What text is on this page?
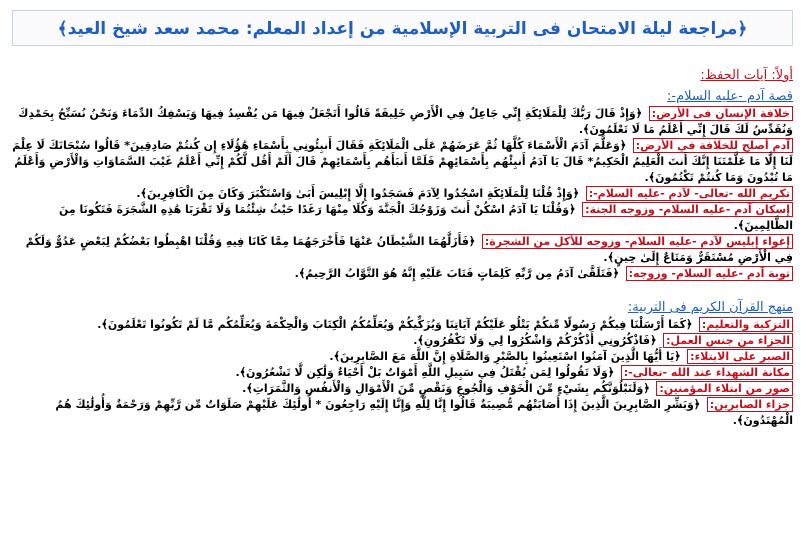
﴿مراجعة ليلة الامتحان فى التربية الإسلامية من إعداد المعلم: محمد سعد شيخ العيد﴾
أولاً: آيات الحفظ:
قصة آدم -عليه السلام-:

خلافة الإنسان فى الأرض: ﴿وَإِذْ قَالَ رَبُّكَ لِلْمَلَائِكَةِ إِنِّي جَاعِلٌ فِي الْأَرْضِ خَلِيفَةً قَالُوا أَتَجْعَلُ فِيهَا مَن يُفْسِدُ فِيهَا وَيَسْفِكُ الدِّمَاءَ وَنَحْنُ نُسَبِّحُ بِحَمْدِكَ وَنُقَدِّسُ لَكَ قَالَ إِنِّي أَعْلَمُ مَا لَا تَعْلَمُونَ﴾.

آدم أصلح للخلافة في الأرض: ﴿وَعَلَّمَ آدَمَ الْأَسْمَاءَ كُلَّهَا ثُمَّ عَرَضَهُمْ عَلَى الْمَلَائِكَةِ فَقَالَ أَنبِئُونِي بِأَسْمَاءِ هَٰؤُلَاءِ إِن كُنتُمْ صَادِقِينَ* قَالُوا سُبْحَانَكَ لَا عِلْمَ لَنَا إِلَّا مَا عَلَّمْتَنَا إِنَّكَ أَنتَ الْعَلِيمُ الْحَكِيمُ* قَالَ يَا آدَمُ أَنبِئْهُم بِأَسْمَائِهِمْ فَلَمَّا أَنبَأَهُم بِأَسْمَائِهِمْ قَالَ أَلَمْ أَقُل لَّكُمْ إِنِّي أَعْلَمُ غَيْبَ السَّمَاوَاتِ وَالْأَرْضِ وَأَعْلَمُ مَا تُبْدُونَ وَمَا كُنتُمْ تَكْتُمُونَ﴾.

تكريم الله -تعالى- لآدم -عليه السلام-: ﴿وَإِذْ قُلْنَا لِلْمَلَائِكَةِ اسْجُدُوا لِآدَمَ فَسَجَدُوا إِلَّا إِبْلِيسَ أَبَىٰ وَاسْتَكْبَرَ وَكَانَ مِنَ الْكَافِرِينَ﴾.

إسكان آدم -عليه السلام- وزوجه الجنة: ﴿وَقُلْنَا يَا آدَمُ اسْكُنْ أَنتَ وَزَوْجُكَ الْجَنَّةَ وَكُلَا مِنْهَا رَغَدًا حَيْثُ شِئْتُمَا وَلَا تَقْرَبَا هَٰذِهِ الشَّجَرَةَ فَتَكُونَا مِنَ الظَّالِمِينَ﴾.

إغواء إبليس لآدم -عليه السلام- وزوجه للأكل من الشجرة: ﴿فَأَزَلَّهُمَا الشَّيْطَانُ عَنْهَا فَأَخْرَجَهُمَا مِمَّا كَانَا فِيهِ وَقُلْنَا اهْبِطُوا بَعْضُكُمْ لِبَعْضٍ عَدُوٌّ وَلَكُمْ فِي الْأَرْضِ مُسْتَقَرٌّ وَمَتَاعٌ إِلَىٰ حِينٍ﴾.

توبة آدم -عليه السلام- وزوجه: ﴿فَتَلَقَّىٰ آدَمُ مِن رَّبِّهِ كَلِمَاتٍ فَتَابَ عَلَيْهِ إِنَّهُ هُوَ التَّوَّابُ الرَّحِيمُ﴾.

منهج القرآن الكريم فى التربية:

التزكية والتعليم: ﴿كَمَا أَرْسَلْنَا فِيكُمْ رَسُولًا مِّنكُمْ يَتْلُو عَلَيْكُمْ آيَاتِنَا وَيُزَكِّيكُمْ وَيُعَلِّمُكُمُ الْكِتَابَ وَالْحِكْمَةَ وَيُعَلِّمُكُم مَّا لَمْ تَكُونُوا تَعْلَمُونَ﴾.

الجزاء من جنس العمل: ﴿فَاذْكُرُونِي أَذْكُرْكُمْ وَاشْكُرُوا لِي وَلَا تَكْفُرُونِ﴾.

الصبر على الابتلاء: ﴿يَا أَيُّهَا الَّذِينَ آمَنُوا اسْتَعِينُوا بِالصَّبْرِ وَالصَّلَاةِ إِنَّ اللَّهَ مَعَ الصَّابِرِينَ﴾.

مكانة الشهداء عند الله -تعالى-: ﴿وَلَا تَقُولُوا لِمَن يُقْتَلُ فِي سَبِيلِ اللَّهِ أَمْوَاتٌ بَلْ أَحْيَاءٌ وَلَٰكِن لَّا تَشْعُرُونَ﴾.

صور من ابتلاء المؤمنين: ﴿وَلَنَبْلُوَنَّكُم بِشَيْءٍ مِّنَ الْخَوْفِ وَالْجُوعِ وَنَقْصٍ مِّنَ الْأَمْوَالِ وَالْأَنفُسِ وَالثَّمَرَاتِ﴾.

جزاء الصابرين: ﴿وَبَشِّرِ الصَّابِرِينَ الَّذِينَ إِذَا أَصَابَتْهُم مُّصِيبَةٌ قَالُوا إِنَّا لِلَّهِ وَإِنَّا إِلَيْهِ رَاجِعُونَ * أُولَٰئِكَ عَلَيْهِمْ صَلَوَاتٌ مِّن رَّبِّهِمْ وَرَحْمَةٌ وَأُولَٰئِكَ هُمُ الْمُهْتَدُونَ﴾.
